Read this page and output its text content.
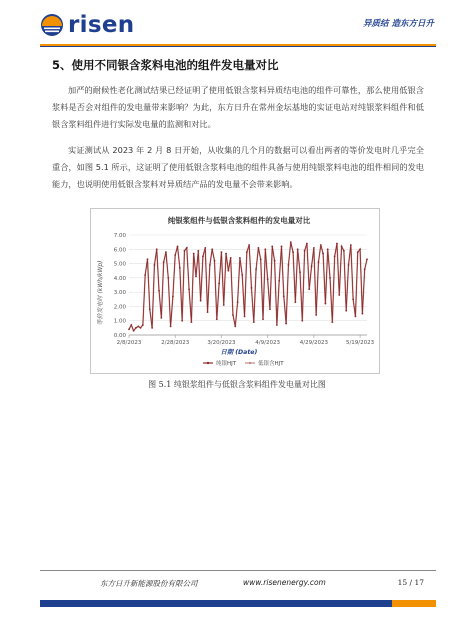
risen	异质结 造东方日升
5、使用不同银含浆料电池的组件发电量对比

加严的耐候性老化测试结果已经证明了使用低银含浆料异质结电池的组件可靠性，那么使用低银含浆料是否会对组件的发电量带来影响？为此，东方日升在常州金坛基地的实证电站对纯银浆料组件和低银含浆料组件进行实际发电量的监测和对比。

实证测试从 2023 年 2 月 8 日开始，从收集的几个月的数据可以看出两者的等价发电时几乎完全重合，如图 5.1 所示，这证明了使用低银含浆料电池的组件具备与使用纯银浆料电池的组件相同的发电能力，也说明使用低银含浆料对异质结产品的发电量不会带来影响。

纯银浆组件与低银含浆料组件的发电量对比
等价发电时 (kWh/kWp)
日期 (Date)
0.00
1.00
2.00
3.00
4.00
5.00
6.00
7.00
2/8/2023	2/28/2023	3/20/2023	4/9/2023	4/29/2023	5/19/2023
纯银HJT	低银含HJT
图 5.1 纯银浆组件与低银含浆料组件发电量对比图
东方日升新能源股份有限公司	www.risenenergy.com	15 / 17
